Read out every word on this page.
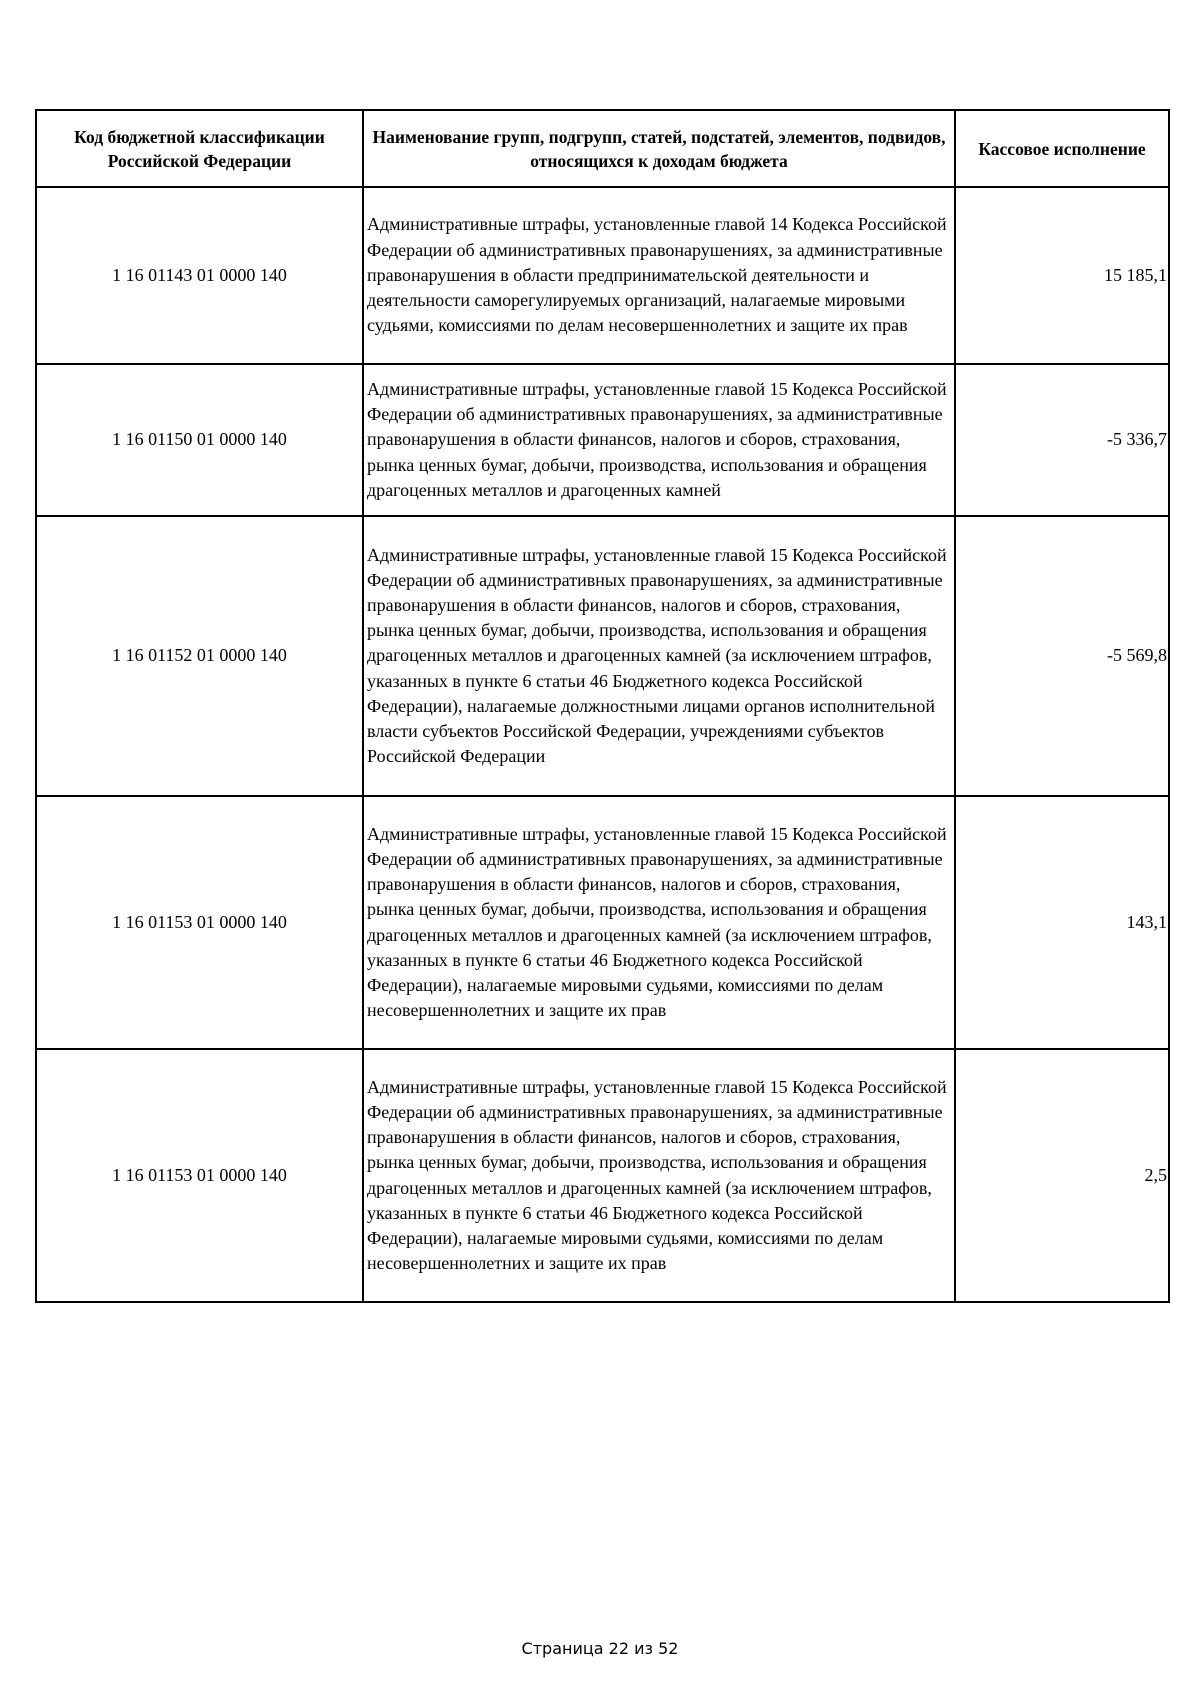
Код бюджетной классификации Российской Федерации	Наименование групп, подгрупп, статей, подстатей, элементов, подвидов, относящихся к доходам бюджета	Кассовое исполнение
1 16 01143 01 0000 140	Административные штрафы, установленные главой 14 Кодекса Российской Федерации об административных правонарушениях, за административные правонарушения в области предпринимательской деятельности и деятельности саморегулируемых организаций, налагаемые мировыми судьями, комиссиями по делам несовершеннолетних и защите их прав	15 185,1
1 16 01150 01 0000 140	Административные штрафы, установленные главой 15 Кодекса Российской Федерации об административных правонарушениях, за административные правонарушения в области финансов, налогов и сборов, страхования, рынка ценных бумаг, добычи, производства, использования и обращения драгоценных металлов и драгоценных камней	-5 336,7
1 16 01152 01 0000 140	Административные штрафы, установленные главой 15 Кодекса Российской Федерации об административных правонарушениях, за административные правонарушения в области финансов, налогов и сборов, страхования, рынка ценных бумаг, добычи, производства, использования и обращения драгоценных металлов и драгоценных камней (за исключением штрафов, указанных в пункте 6 статьи 46 Бюджетного кодекса Российской Федерации), налагаемые должностными лицами органов исполнительной власти субъектов Российской Федерации, учреждениями субъектов Российской Федерации	-5 569,8
1 16 01153 01 0000 140	Административные штрафы, установленные главой 15 Кодекса Российской Федерации об административных правонарушениях, за административные правонарушения в области финансов, налогов и сборов, страхования, рынка ценных бумаг, добычи, производства, использования и обращения драгоценных металлов и драгоценных камней (за исключением штрафов, указанных в пункте 6 статьи 46 Бюджетного кодекса Российской Федерации), налагаемые мировыми судьями, комиссиями по делам несовершеннолетних и защите их прав	143,1
1 16 01153 01 0000 140	Административные штрафы, установленные главой 15 Кодекса Российской Федерации об административных правонарушениях, за административные правонарушения в области финансов, налогов и сборов, страхования, рынка ценных бумаг, добычи, производства, использования и обращения драгоценных металлов и драгоценных камней (за исключением штрафов, указанных в пункте 6 статьи 46 Бюджетного кодекса Российской Федерации), налагаемые мировыми судьями, комиссиями по делам несовершеннолетних и защите их прав	2,5
Страница 22 из 52
